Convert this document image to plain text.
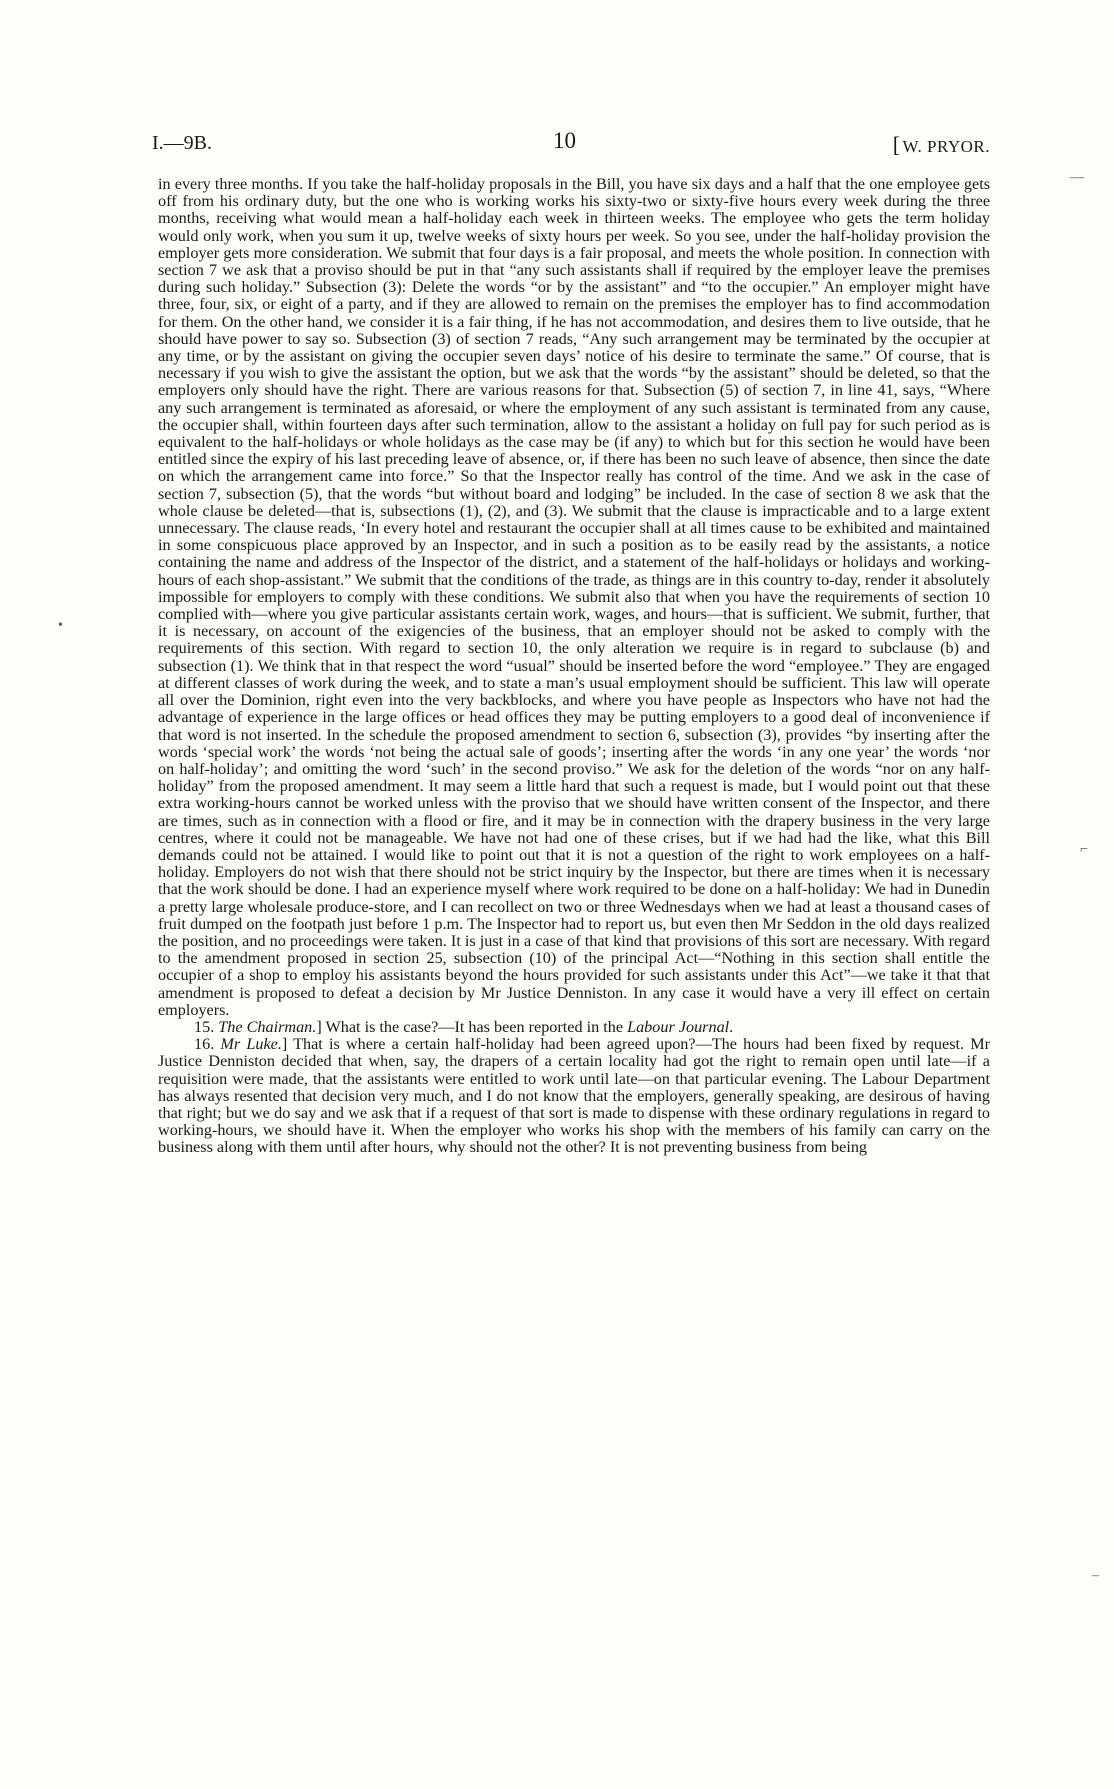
I.—9B.	10	[ W. PRYOR.

in every three months. If you take the half-holiday proposals in the Bill, you have six days and a half that the one employee gets off from his ordinary duty, but the one who is working works his sixty-two or sixty-five hours every week during the three months, receiving what would mean a half-holiday each week in thirteen weeks. The employee who gets the term holiday would only work, when you sum it up, twelve weeks of sixty hours per week. So you see, under the half-holiday provision the employer gets more consideration. We submit that four days is a fair proposal, and meets the whole position. In connection with section 7 we ask that a proviso should be put in that “any such assistants shall if required by the employer leave the premises during such holiday.” Subsection (3): Delete the words “or by the assistant” and “to the occupier.” An employer might have three, four, six, or eight of a party, and if they are allowed to remain on the premises the employer has to find accommodation for them. On the other hand, we consider it is a fair thing, if he has not accommodation, and desires them to live outside, that he should have power to say so. Subsection (3) of section 7 reads, “Any such arrangement may be terminated by the occupier at any time, or by the assistant on giving the occupier seven days’ notice of his desire to terminate the same.” Of course, that is necessary if you wish to give the assistant the option, but we ask that the words “by the assistant” should be deleted, so that the employers only should have the right. There are various reasons for that. Subsection (5) of section 7, in line 41, says, “Where any such arrangement is terminated as aforesaid, or where the employment of any such assistant is terminated from any cause, the occupier shall, within fourteen days after such termination, allow to the assistant a holiday on full pay for such period as is equivalent to the half-holidays or whole holidays as the case may be (if any) to which but for this section he would have been entitled since the expiry of his last preceding leave of absence, or, if there has been no such leave of absence, then since the date on which the arrangement came into force.” So that the Inspector really has control of the time. And we ask in the case of section 7, subsection (5), that the words “but without board and lodging” be included. In the case of section 8 we ask that the whole clause be deleted—that is, subsections (1), (2), and (3). We submit that the clause is impracticable and to a large extent unnecessary. The clause reads, ‘In every hotel and restaurant the occupier shall at all times cause to be exhibited and maintained in some conspicuous place approved by an Inspector, and in such a position as to be easily read by the assistants, a notice containing the name and address of the Inspector of the district, and a statement of the half-holidays or holidays and working-hours of each shop-assistant.” We submit that the conditions of the trade, as things are in this country to-day, render it absolutely impossible for employers to comply with these conditions. We submit also that when you have the requirements of section 10 complied with—where you give particular assistants certain work, wages, and hours—that is sufficient. We submit, further, that it is necessary, on account of the exigencies of the business, that an employer should not be asked to comply with the requirements of this section. With regard to section 10, the only alteration we require is in regard to subclause (b) and subsection (1). We think that in that respect the word “usual” should be inserted before the word “employee.” They are engaged at different classes of work during the week, and to state a man’s usual employment should be sufficient. This law will operate all over the Dominion, right even into the very backblocks, and where you have people as Inspectors who have not had the advantage of experience in the large offices or head offices they may be putting employers to a good deal of inconvenience if that word is not inserted. In the schedule the proposed amendment to section 6, subsection (3), provides “by inserting after the words ‘special work’ the words ‘not being the actual sale of goods’; inserting after the words ‘in any one year’ the words ‘nor on half-holiday’; and omitting the word ‘such’ in the second proviso.” We ask for the deletion of the words “nor on any half-holiday” from the proposed amendment. It may seem a little hard that such a request is made, but I would point out that these extra working-hours cannot be worked unless with the proviso that we should have written consent of the Inspector, and there are times, such as in connection with a flood or fire, and it may be in connection with the drapery business in the very large centres, where it could not be manageable. We have not had one of these crises, but if we had had the like, what this Bill demands could not be attained. I would like to point out that it is not a question of the right to work employees on a half-holiday. Employers do not wish that there should not be strict inquiry by the Inspector, but there are times when it is necessary that the work should be done. I had an experience myself where work required to be done on a half-holiday: We had in Dunedin a pretty large wholesale produce-store, and I can recollect on two or three Wednesdays when we had at least a thousand cases of fruit dumped on the footpath just before 1 p.m. The Inspector had to report us, but even then Mr Seddon in the old days realized the position, and no proceedings were taken. It is just in a case of that kind that provisions of this sort are necessary. With regard to the amendment proposed in section 25, subsection (10) of the principal Act—“Nothing in this section shall entitle the occupier of a shop to employ his assistants beyond the hours provided for such assistants under this Act”—we take it that that amendment is proposed to defeat a decision by Mr Justice Denniston. In any case it would have a very ill effect on certain employers.

15. The Chairman.] What is the case?—It has been reported in the Labour Journal.

16. Mr Luke.] That is where a certain half-holiday had been agreed upon?—The hours had been fixed by request. Mr Justice Denniston decided that when, say, the drapers of a certain locality had got the right to remain open until late—if a requisition were made, that the assistants were entitled to work until late—on that particular evening. The Labour Department has always resented that decision very much, and I do not know that the employers, generally speaking, are desirous of having that right; but we do say and we ask that if a request of that sort is made to dispense with these ordinary regulations in regard to working-hours, we should have it. When the employer who works his shop with the members of his family can carry on the business along with them until after hours, why should not the other? It is not preventing business from being

—
•
⌐
–
